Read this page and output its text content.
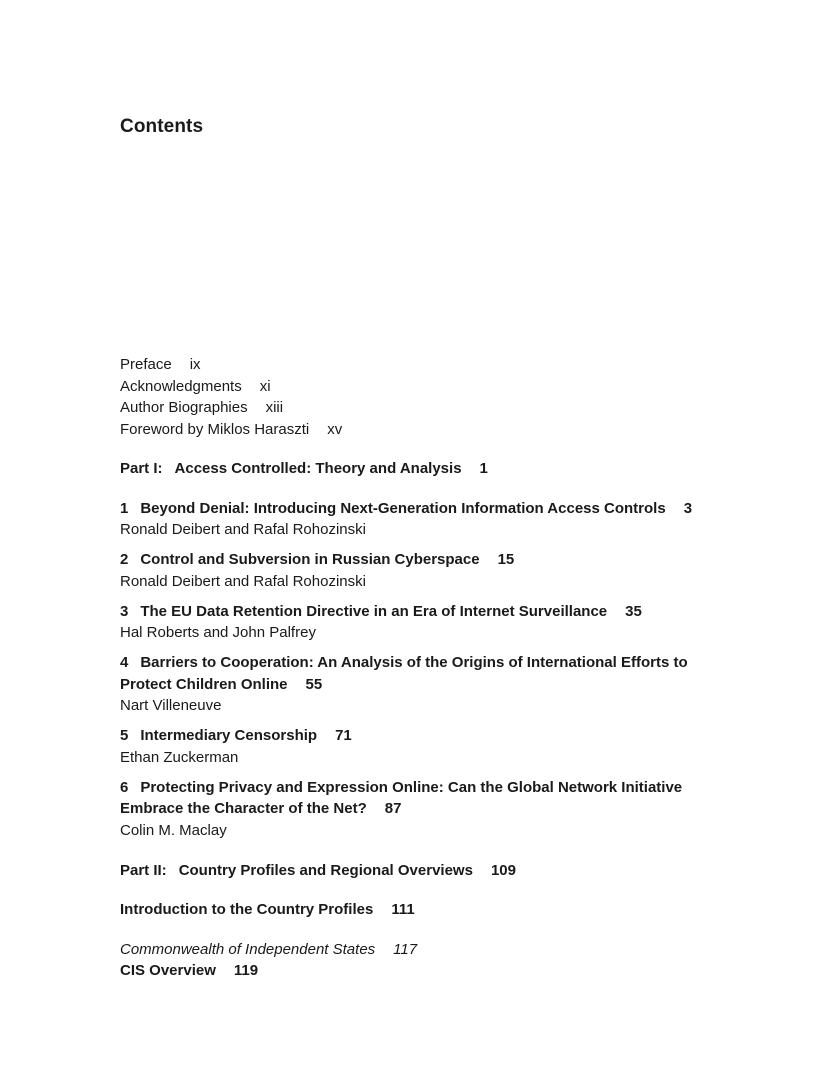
Contents
Preface ix
Acknowledgments xi
Author Biographies xiii
Foreword by Miklos Haraszti xv
Part I: Access Controlled: Theory and Analysis 1
1 Beyond Denial: Introducing Next-Generation Information Access Controls 3
Ronald Deibert and Rafal Rohozinski
2 Control and Subversion in Russian Cyberspace 15
Ronald Deibert and Rafal Rohozinski
3 The EU Data Retention Directive in an Era of Internet Surveillance 35
Hal Roberts and John Palfrey
4 Barriers to Cooperation: An Analysis of the Origins of International Efforts to Protect Children Online 55
Nart Villeneuve
5 Intermediary Censorship 71
Ethan Zuckerman
6 Protecting Privacy and Expression Online: Can the Global Network Initiative Embrace the Character of the Net? 87
Colin M. Maclay
Part II: Country Profiles and Regional Overviews 109
Introduction to the Country Profiles 111
Commonwealth of Independent States 117
CIS Overview 119
